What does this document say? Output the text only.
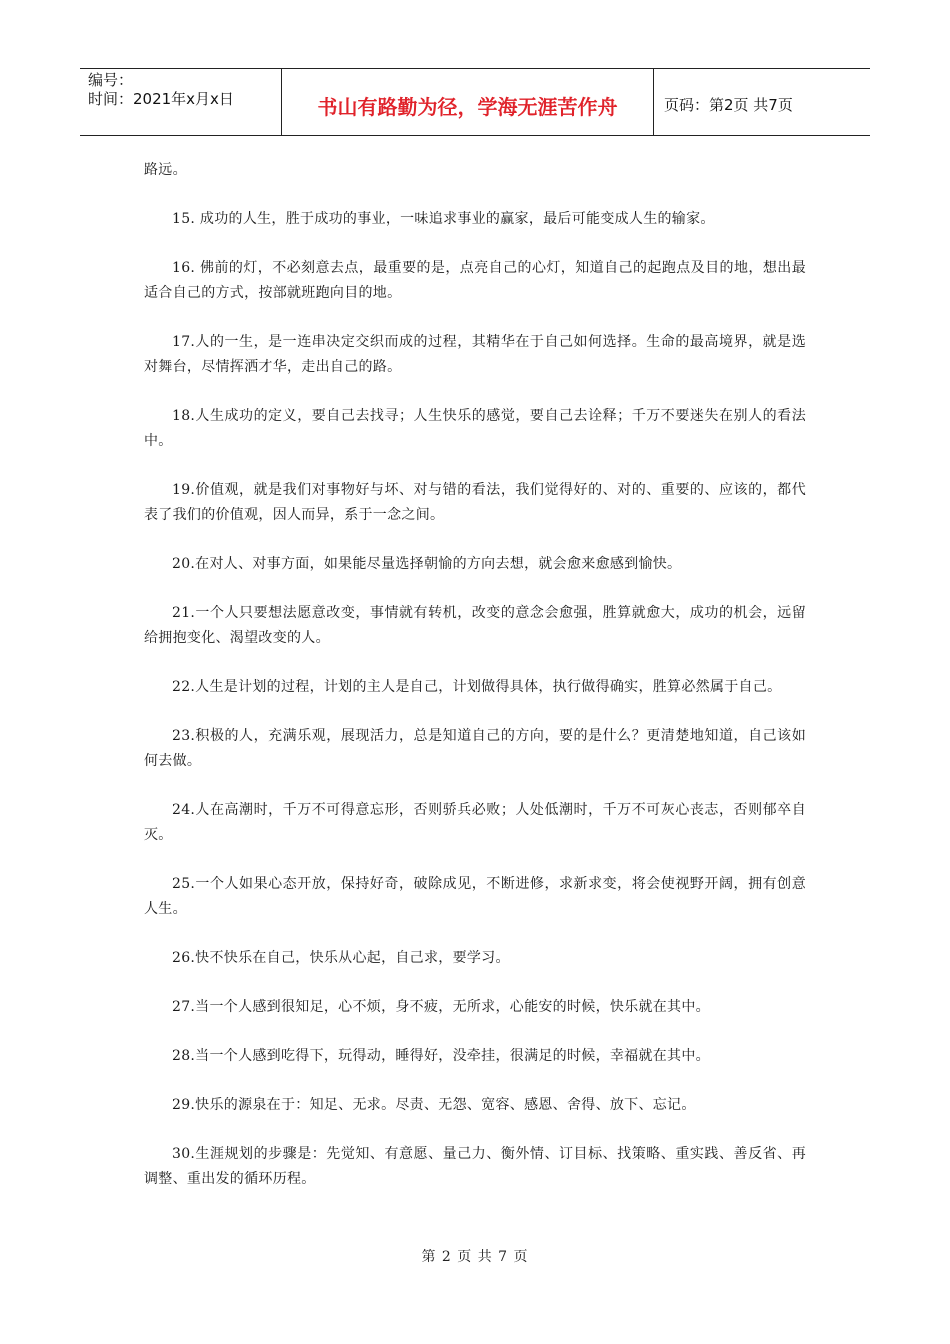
编号：
时间：2021年x月x日	书山有路勤为径，学海无涯苦作舟	页码：第2页 共7页

路远。

15. 成功的人生，胜于成功的事业，一味追求事业的赢家，最后可能变成人生的输家。

16. 佛前的灯，不必刻意去点，最重要的是，点亮自己的心灯，知道自己的起跑点及目的地，想出最适合自己的方式，按部就班跑向目的地。

17.人的一生，是一连串决定交织而成的过程，其精华在于自己如何选择。生命的最高境界，就是选对舞台，尽情挥洒才华，走出自己的路。

18.人生成功的定义，要自己去找寻；人生快乐的感觉，要自己去诠释；千万不要迷失在别人的看法中。

19.价值观，就是我们对事物好与坏、对与错的看法，我们觉得好的、对的、重要的、应该的，都代表了我们的价值观，因人而异，系于一念之间。

20.在对人、对事方面，如果能尽量选择朝愉的方向去想，就会愈来愈感到愉快。

21.一个人只要想法愿意改变，事情就有转机，改变的意念会愈强，胜算就愈大，成功的机会，远留给拥抱变化、渴望改变的人。

22.人生是计划的过程，计划的主人是自己，计划做得具体，执行做得确实，胜算必然属于自己。

23.积极的人，充满乐观，展现活力，总是知道自己的方向，要的是什么？更清楚地知道，自己该如何去做。

24.人在高潮时，千万不可得意忘形，否则骄兵必败；人处低潮时，千万不可灰心丧志，否则郁卒自灭。

25.一个人如果心态开放，保持好奇，破除成见，不断进修，求新求变，将会使视野开阔，拥有创意人生。

26.快不快乐在自己，快乐从心起，自己求，要学习。

27.当一个人感到很知足，心不烦，身不疲，无所求，心能安的时候，快乐就在其中。

28.当一个人感到吃得下，玩得动，睡得好，没牵挂，很满足的时候，幸福就在其中。

29.快乐的源泉在于：知足、无求。尽责、无怨、宽容、感恩、舍得、放下、忘记。

30.生涯规划的步骤是：先觉知、有意愿、量己力、衡外情、订目标、找策略、重实践、善反省、再调整、重出发的循环历程。

第 2 页 共 7 页
